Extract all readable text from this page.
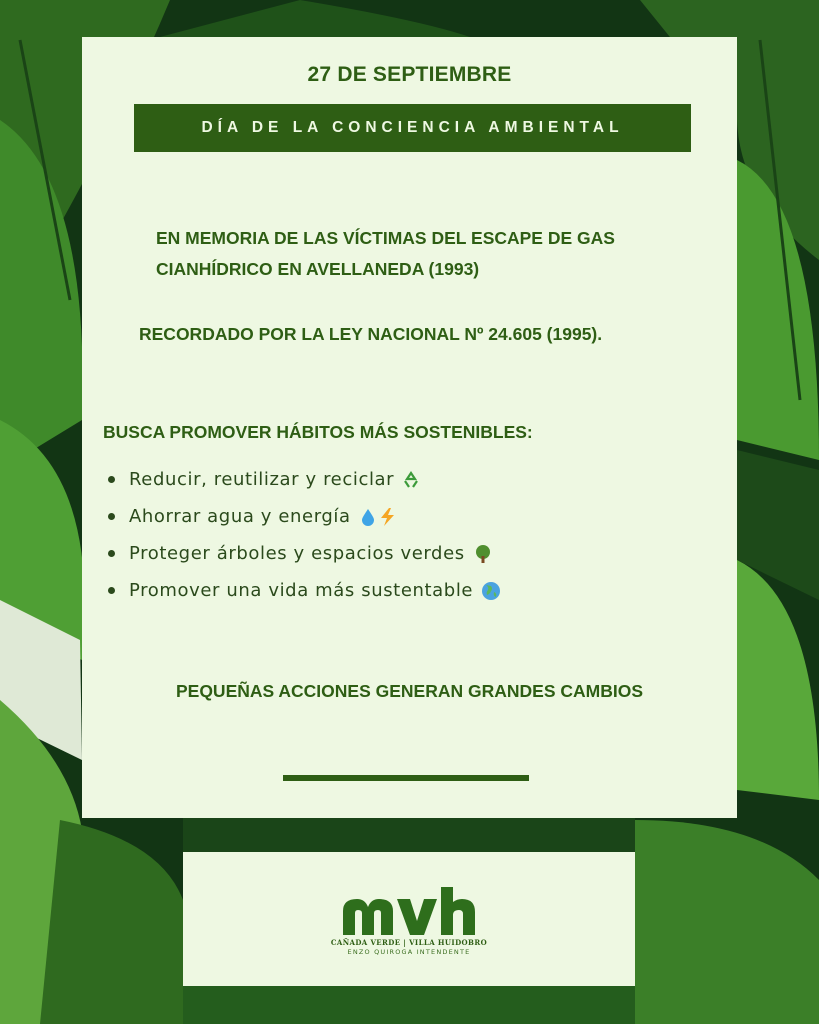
27 DE SEPTIEMBRE
DÍA DE LA CONCIENCIA AMBIENTAL
EN MEMORIA DE LAS VÍCTIMAS DEL ESCAPE DE GAS
CIANHÍDRICO EN AVELLANEDA (1993)
RECORDADO POR LA LEY NACIONAL Nº 24.605 (1995).
BUSCA PROMOVER HÁBITOS MÁS SOSTENIBLES:
Reducir, reutilizar y reciclar
Ahorrar agua y energía
Proteger árboles y espacios verdes
Promover una vida más sustentable
PEQUEÑAS ACCIONES GENERAN GRANDES CAMBIOS
CAÑADA VERDE | VILLA HUIDOBRO
ENZO QUIROGA INTENDENTE
